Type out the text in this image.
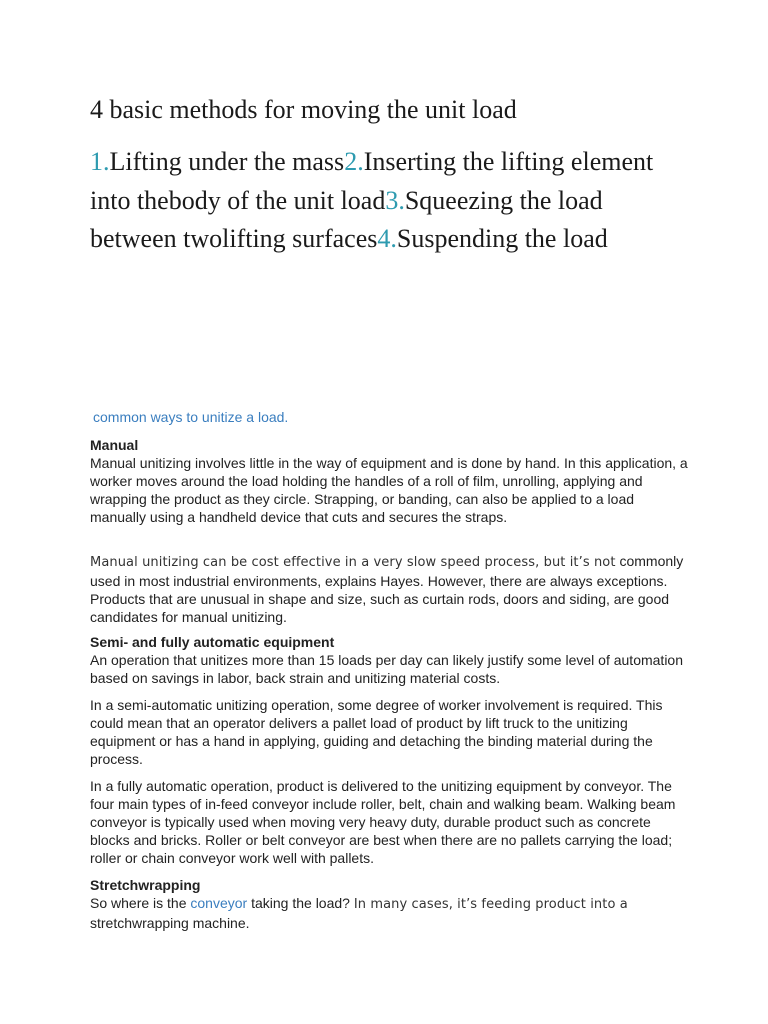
4 basic methods for moving the unit load

1.Lifting under the mass2.Inserting the lifting element into thebody of the unit load3.Squeezing the load between twolifting surfaces4.Suspending the load

common ways to unitize a load.

Manual
Manual unitizing involves little in the way of equipment and is done by hand. In this application, a worker moves around the load holding the handles of a roll of film, unrolling, applying and wrapping the product as they circle. Strapping, or banding, can also be applied to a load manually using a handheld device that cuts and secures the straps.
Manual unitizing can be cost effective in a very slow speed process, but it’s not commonly used in most industrial environments, explains Hayes. However, there are always exceptions. Products that are unusual in shape and size, such as curtain rods, doors and siding, are good candidates for manual unitizing.
Semi- and fully automatic equipment
An operation that unitizes more than 15 loads per day can likely justify some level of automation based on savings in labor, back strain and unitizing material costs.
In a semi-automatic unitizing operation, some degree of worker involvement is required. This could mean that an operator delivers a pallet load of product by lift truck to the unitizing equipment or has a hand in applying, guiding and detaching the binding material during the process.
In a fully automatic operation, product is delivered to the unitizing equipment by conveyor. The four main types of in-feed conveyor include roller, belt, chain and walking beam. Walking beam conveyor is typically used when moving very heavy duty, durable product such as concrete blocks and bricks. Roller or belt conveyor are best when there are no pallets carrying the load; roller or chain conveyor work well with pallets.
Stretchwrapping
So where is the conveyor taking the load? In many cases, it’s feeding product into a stretchwrapping machine.
